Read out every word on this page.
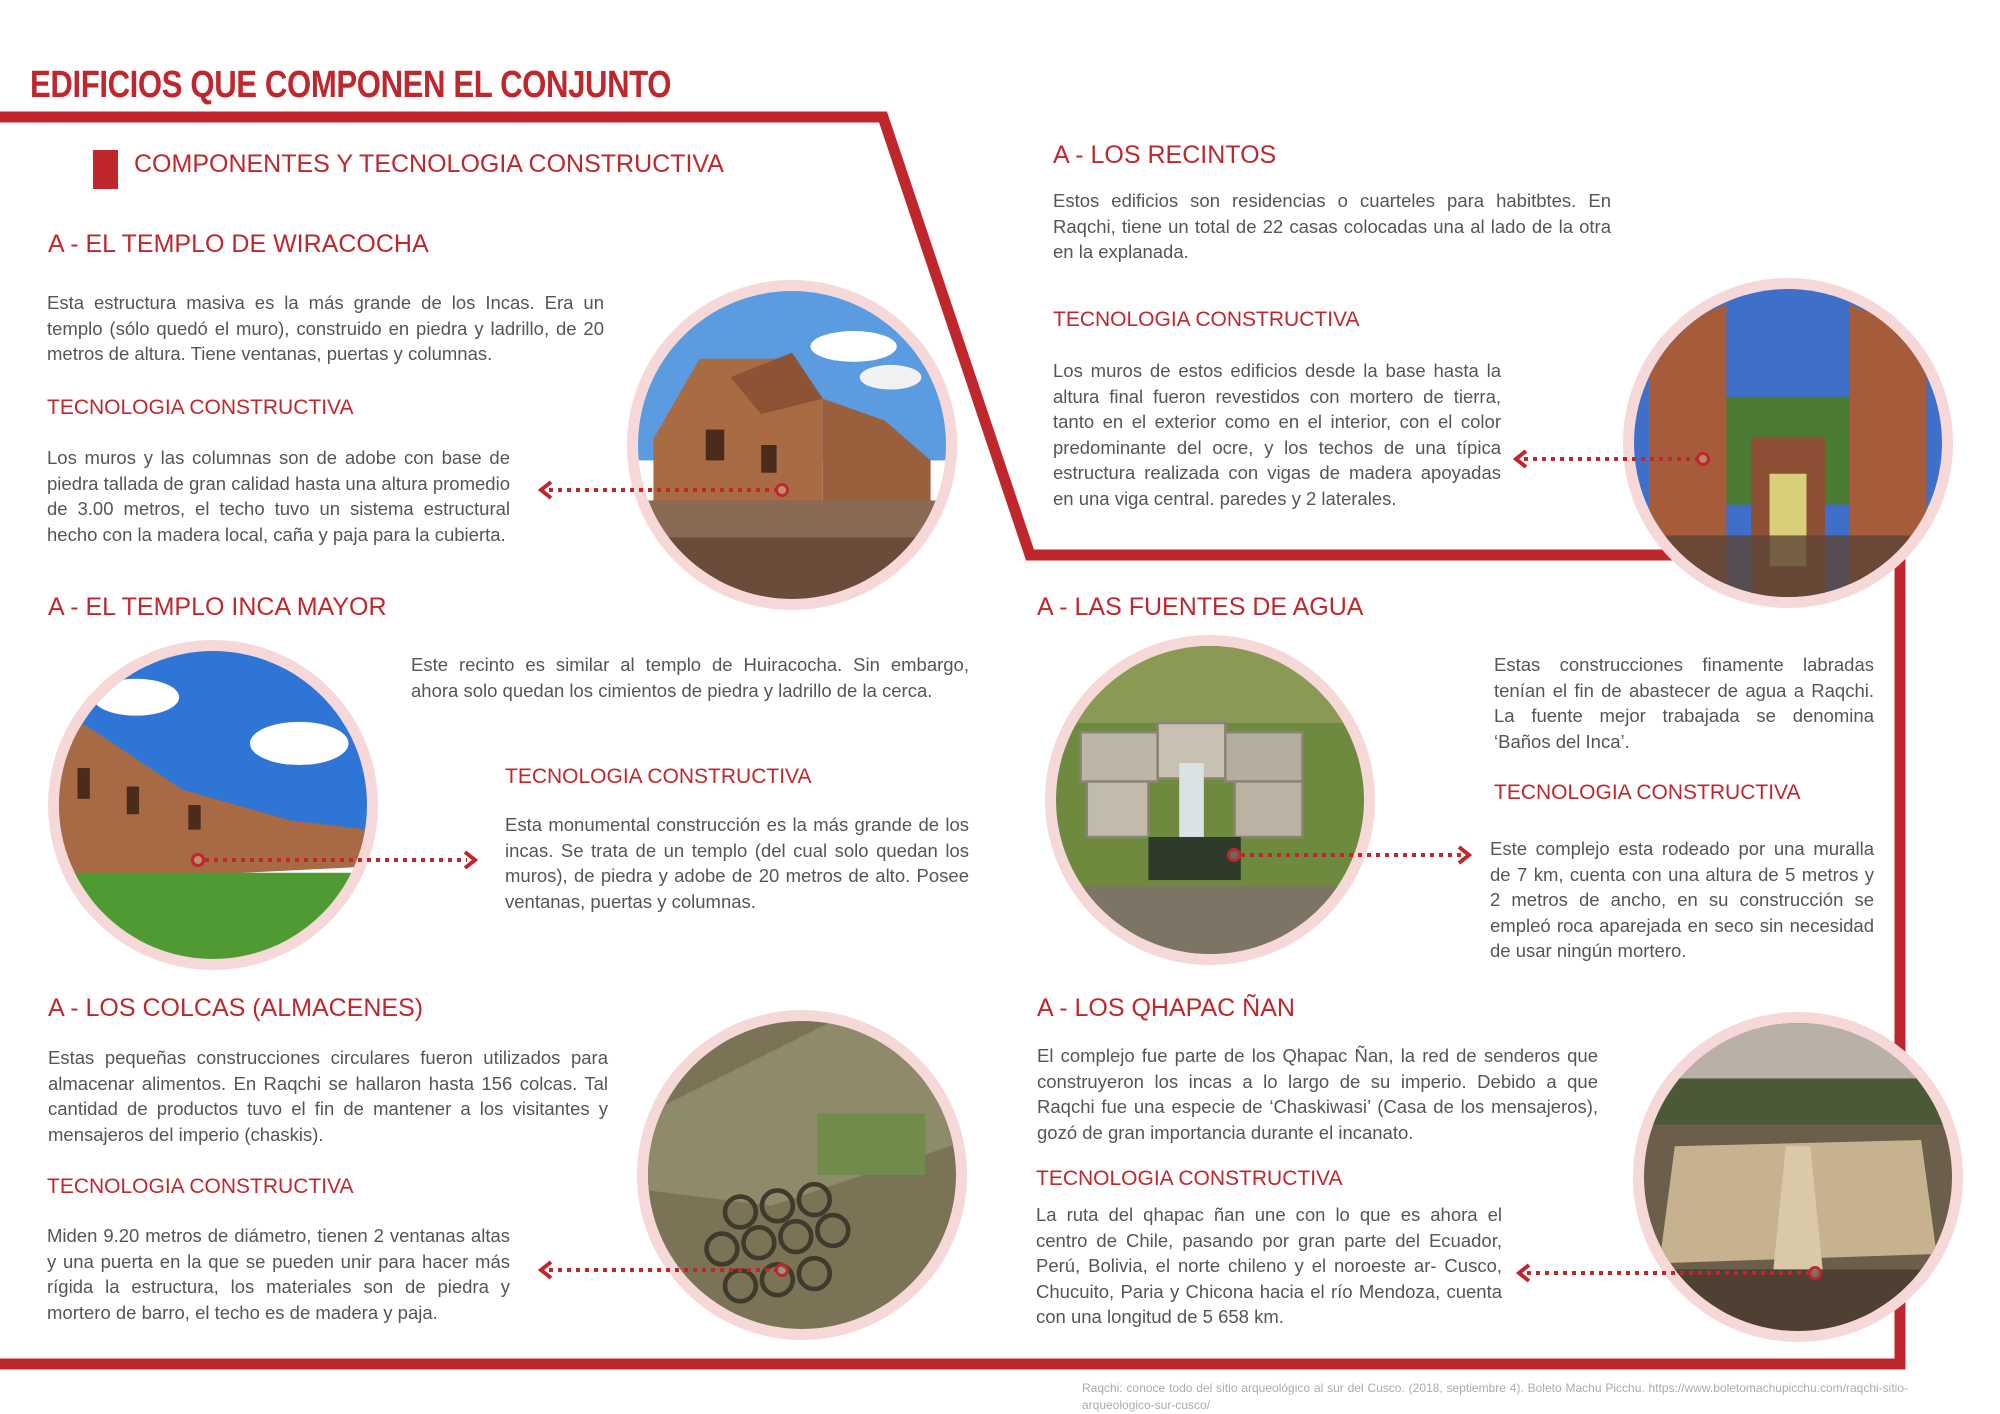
EDIFICIOS QUE COMPONEN EL CONJUNTO
COMPONENTES Y TECNOLOGIA CONSTRUCTIVA
A - EL TEMPLO DE WIRACOCHA
Esta estructura masiva es la más grande de los Incas. Era un templo (sólo quedó el muro), construido en piedra y ladrillo, de 20 metros de altura. Tiene ventanas, puertas y columnas.
TECNOLOGIA CONSTRUCTIVA
Los muros y las columnas son de adobe con base de piedra tallada de gran calidad hasta una altura promedio de 3.00 metros, el techo tuvo un sistema estructural hecho con la madera local, caña y paja para la cubierta.
A - EL TEMPLO INCA MAYOR
Este recinto es similar al templo de Huiracocha. Sin embargo, ahora solo quedan los cimientos de piedra y ladrillo de la cerca.
TECNOLOGIA CONSTRUCTIVA
Esta monumental construcción es la más grande de los incas. Se trata de un templo (del cual solo quedan los muros), de piedra y adobe de 20 metros de alto. Posee ventanas, puertas y columnas.
A - LOS COLCAS (ALMACENES)
Estas pequeñas construcciones circulares fueron utilizados para almacenar alimentos. En Raqchi se hallaron hasta 156 colcas. Tal cantidad de productos tuvo el fin de mantener a los visitantes y mensajeros del imperio (chaskis).
TECNOLOGIA CONSTRUCTIVA
Miden 9.20 metros de diámetro, tienen 2 ventanas altas y una puerta en la que se pueden unir para hacer más rígida la estructura, los materiales son de piedra y mortero de barro, el techo es de madera y paja.
A - LOS RECINTOS
Estos edificios son residencias o cuarteles para habitbtes. En Raqchi, tiene un total de 22 casas colocadas una al lado de la otra en la explanada.
TECNOLOGIA CONSTRUCTIVA
Los muros de estos edificios desde la base hasta la altura final fueron revestidos con mortero de tierra, tanto en el exterior como en el interior, con el color predominante del ocre, y los techos de una típica estructura realizada con vigas de madera apoyadas en una viga central. paredes y 2 laterales.
A - LAS FUENTES DE AGUA
Estas construcciones finamente labradas tenían el fin de abastecer de agua a Raqchi. La fuente mejor trabajada se denomina ‘Baños del Inca’.
TECNOLOGIA CONSTRUCTIVA
Este complejo esta rodeado por una muralla de 7 km, cuenta con una altura de 5 metros y 2 metros de ancho, en su construcción se empleó roca aparejada en seco sin necesidad de usar ningún mortero.
A - LOS QHAPAC ÑAN
El complejo fue parte de los Qhapac Ñan, la red de senderos que construyeron los incas a lo largo de su imperio. Debido a que Raqchi fue una especie de ‘Chaskiwasi’ (Casa de los mensajeros), gozó de gran importancia durante el incanato.
TECNOLOGIA CONSTRUCTIVA
La ruta del qhapac ñan une con lo que es ahora el centro de Chile, pasando por gran parte del Ecuador, Perú, Bolivia, el norte chileno y el noroeste ar- Cusco, Chucuito, Paria y Chicona hacia el río Mendoza, cuenta con una longitud de 5 658 km.
Raqchi: conoce todo del sitio arqueológico al sur del Cusco. (2018, septiembre 4). Boleto Machu Picchu. https://www.boletomachupicchu.com/raqchi-sitio-arqueologico-sur-cusco/
